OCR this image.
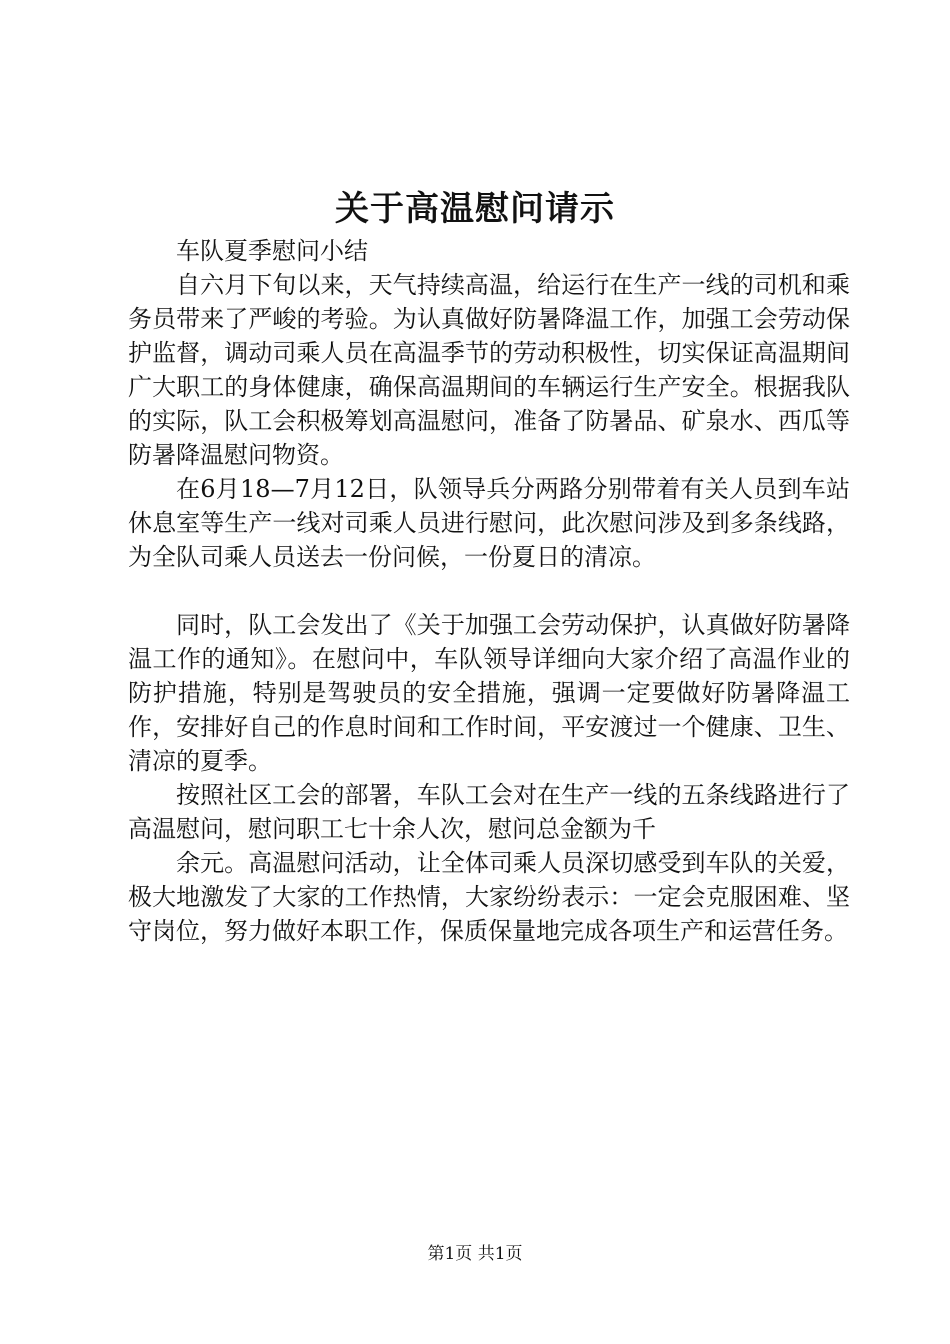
关于高温慰问请示

车队夏季慰问小结

自六月下旬以来，天气持续高温，给运行在生产一线的司机和乘务员带来了严峻的考验。为认真做好防暑降温工作，加强工会劳动保护监督，调动司乘人员在高温季节的劳动积极性，切实保证高温期间广大职工的身体健康，确保高温期间的车辆运行生产安全。根据我队的实际，队工会积极筹划高温慰问，准备了防暑品、矿泉水、西瓜等防暑降温慰问物资。

在6月18—7月12日，队领导兵分两路分别带着有关人员到车站休息室等生产一线对司乘人员进行慰问，此次慰问涉及到多条线路，为全队司乘人员送去一份问候，一份夏日的清凉。

同时，队工会发出了《关于加强工会劳动保护，认真做好防暑降温工作的通知》。在慰问中，车队领导详细向大家介绍了高温作业的防护措施，特别是驾驶员的安全措施，强调一定要做好防暑降温工作，安排好自己的作息时间和工作时间，平安渡过一个健康、卫生、清凉的夏季。

按照社区工会的部署，车队工会对在生产一线的五条线路进行了高温慰问，慰问职工七十余人次，慰问总金额为千

余元。高温慰问活动，让全体司乘人员深切感受到车队的关爱，极大地激发了大家的工作热情，大家纷纷表示：一定会克服困难、坚守岗位，努力做好本职工作，保质保量地完成各项生产和运营任务。

第1页 共1页
